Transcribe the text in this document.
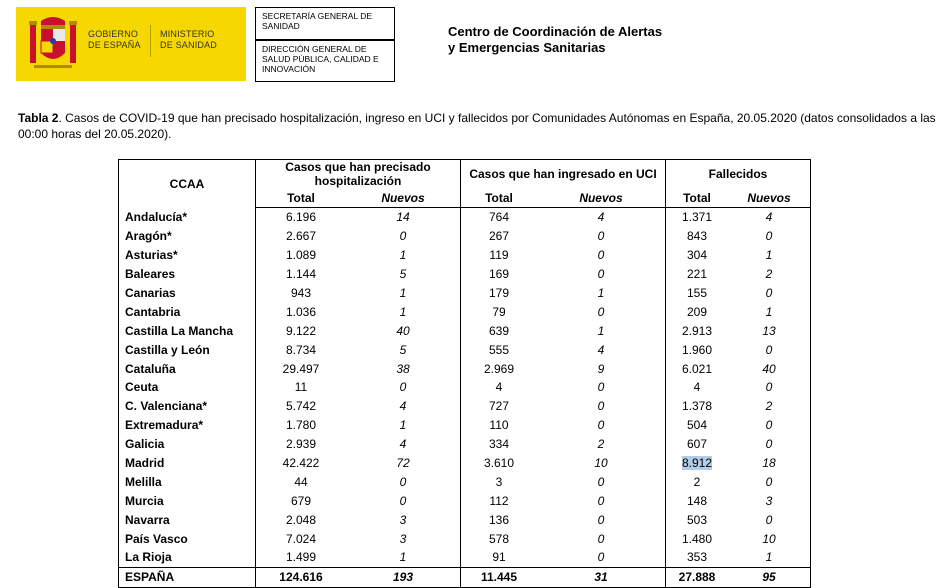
GOBIERNO
DE ESPAÑA
MINISTERIO
DE SANIDAD
SECRETARÍA GENERAL DE SANIDAD
DIRECCIÓN GENERAL DE SALUD PÚBLICA, CALIDAD E INNOVACIÓN
Centro de Coordinación de Alertas y Emergencias Sanitarias
Tabla 2. Casos de COVID-19 que han precisado hospitalización, ingreso en UCI y fallecidos por Comunidades Autónomas en España, 20.05.2020 (datos consolidados a las 00:00 horas del 20.05.2020).
CCAA	Casos que han precisado hospitalización		Casos que han ingresado en UCI		Fallecidos	
	Total	Nuevos	Total	Nuevos	Total	Nuevos
Andalucía*	6.196	14	764	4	1.371	4
Aragón*	2.667	0	267	0	843	0
Asturias*	1.089	1	119	0	304	1
Baleares	1.144	5	169	0	221	2
Canarias	943	1	179	1	155	0
Cantabria	1.036	1	79	0	209	1
Castilla La Mancha	9.122	40	639	1	2.913	13
Castilla y León	8.734	5	555	4	1.960	0
Cataluña	29.497	38	2.969	9	6.021	40
Ceuta	11	0	4	0	4	0
C. Valenciana*	5.742	4	727	0	1.378	2
Extremadura*	1.780	1	110	0	504	0
Galicia	2.939	4	334	2	607	0
Madrid	42.422	72	3.610	10	8.912	18
Melilla	44	0	3	0	2	0
Murcia	679	0	112	0	148	3
Navarra	2.048	3	136	0	503	0
País Vasco	7.024	3	578	0	1.480	10
La Rioja	1.499	1	91	0	353	1
ESPAÑA	124.616	193	11.445	31	27.888	95
